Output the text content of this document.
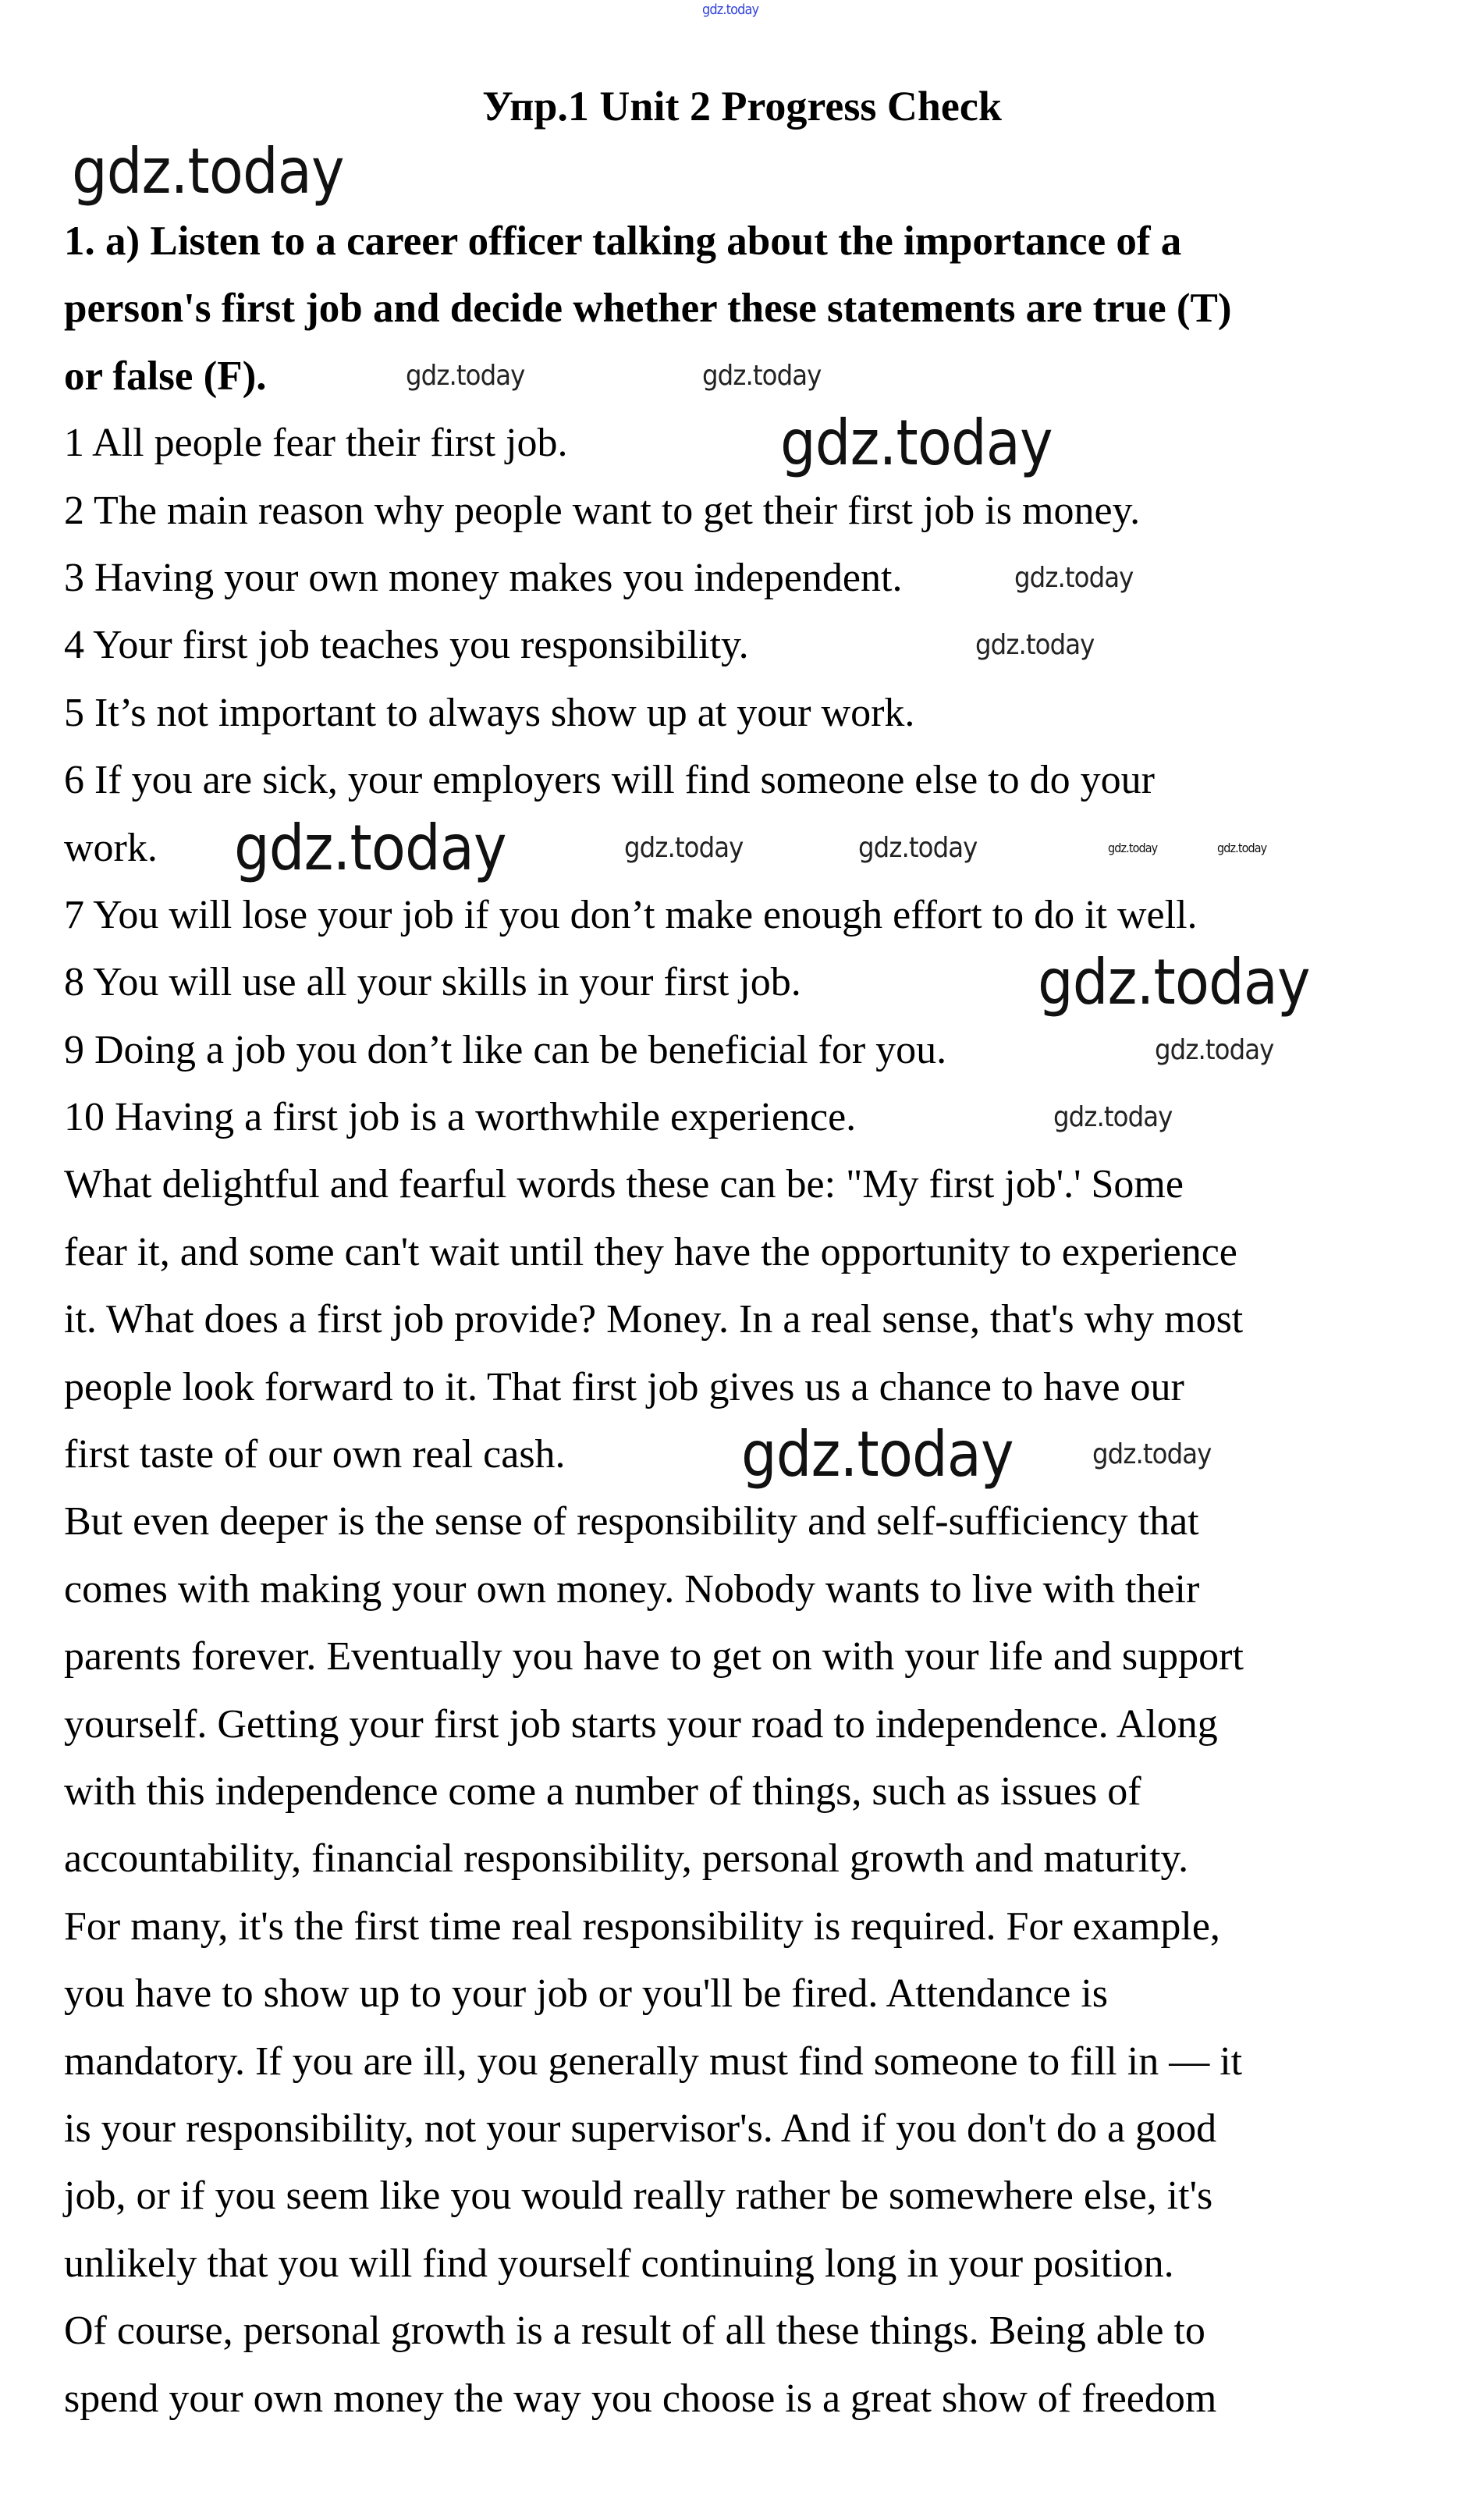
gdz.today
Упр.1 Unit 2 Progress Check
1. a) Listen to a career officer talking about the importance of a
person's first job and decide whether these statements are true (T)
or false (F).
1 All people fear their first job.
2 The main reason why people want to get their first job is money.
3 Having your own money makes you independent.
4 Your first job teaches you responsibility.
5 It’s not important to always show up at your work.
6 If you are sick, your employers will find someone else to do your
work.
7 You will lose your job if you don’t make enough effort to do it well.
8 You will use all your skills in your first job.
9 Doing a job you don’t like can be beneficial for you.
10 Having a first job is a worthwhile experience.
What delightful and fearful words these can be: "My first job'.' Some
fear it, and some can't wait until they have the opportunity to experience
it. What does a first job provide? Money. In a real sense, that's why most
people look forward to it. That first job gives us a chance to have our
first taste of our own real cash.
But even deeper is the sense of responsibility and self-sufficiency that
comes with making your own money. Nobody wants to live with their
parents forever. Eventually you have to get on with your life and support
yourself. Getting your first job starts your road to independence. Along
with this independence come a number of things, such as issues of
accountability, financial responsibility, personal growth and maturity.
For many, it's the first time real responsibility is required. For example,
you have to show up to your job or you'll be fired. Attendance is
mandatory. If you are ill, you generally must find someone to fill in — it
is your responsibility, not your supervisor's. And if you don't do a good
job, or if you seem like you would really rather be somewhere else, it's
unlikely that you will find yourself continuing long in your position.
Of course, personal growth is a result of all these things. Being able to
spend your own money the way you choose is a great show of freedom
gdz.today
gdz.today
gdz.today
gdz.today
gdz.today
gdz.today	gdz.today
gdz.today
gdz.today
gdz.today	gdz.today
gdz.today
gdz.today
gdz.today
gdz.today	gdz.today
